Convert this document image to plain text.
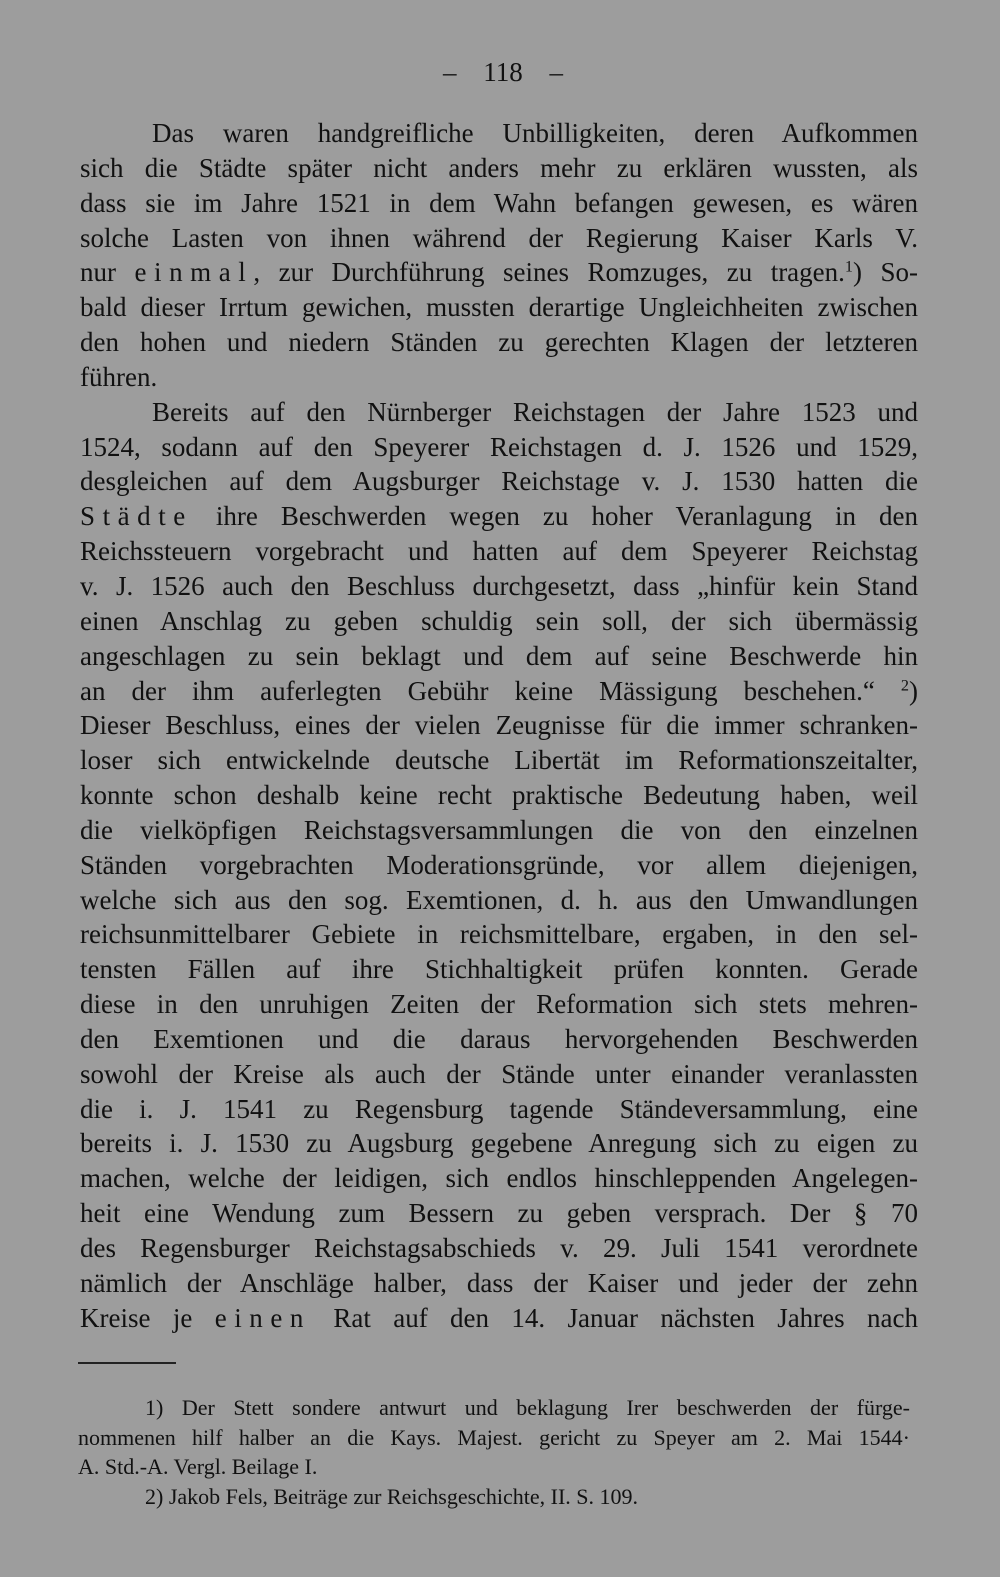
– 118 –
Das waren handgreifliche Unbilligkeiten, deren Aufkommen
sich die Städte später nicht anders mehr zu erklären wussten, als
dass sie im Jahre 1521 in dem Wahn befangen gewesen, es wären
solche Lasten von ihnen während der Regierung Kaiser Karls V.
nur einmal, zur Durchführung seines Romzuges, zu tragen.$^1$) So-
bald dieser Irrtum gewichen, mussten derartige Ungleichheiten zwischen
den hohen und niedern Ständen zu gerechten Klagen der letzteren
führen.
Bereits auf den Nürnberger Reichstagen der Jahre 1523 und
1524, sodann auf den Speyerer Reichstagen d. J. 1526 und 1529,
desgleichen auf dem Augsburger Reichstage v. J. 1530 hatten die
Städte ihre Beschwerden wegen zu hoher Veranlagung in den
Reichssteuern vorgebracht und hatten auf dem Speyerer Reichstag
v. J. 1526 auch den Beschluss durchgesetzt, dass „hinfür kein Stand
einen Anschlag zu geben schuldig sein soll, der sich übermässig
angeschlagen zu sein beklagt und dem auf seine Beschwerde hin
an der ihm auferlegten Gebühr keine Mässigung beschehen.“ $^2$)
Dieser Beschluss, eines der vielen Zeugnisse für die immer schranken-
loser sich entwickelnde deutsche Libertät im Reformationszeitalter,
konnte schon deshalb keine recht praktische Bedeutung haben, weil
die vielköpfigen Reichstagsversammlungen die von den einzelnen
Ständen vorgebrachten Moderationsgründe, vor allem diejenigen,
welche sich aus den sog. Exemtionen, d. h. aus den Umwandlungen
reichsunmittelbarer Gebiete in reichsmittelbare, ergaben, in den sel-
tensten Fällen auf ihre Stichhaltigkeit prüfen konnten. Gerade
diese in den unruhigen Zeiten der Reformation sich stets mehren-
den Exemtionen und die daraus hervorgehenden Beschwerden
sowohl der Kreise als auch der Stände unter einander veranlassten
die i. J. 1541 zu Regensburg tagende Ständeversammlung, eine
bereits i. J. 1530 zu Augsburg gegebene Anregung sich zu eigen zu
machen, welche der leidigen, sich endlos hinschleppenden Angelegen-
heit eine Wendung zum Bessern zu geben versprach. Der § 70
des Regensburger Reichstagsabschieds v. 29. Juli 1541 verordnete
nämlich der Anschläge halber, dass der Kaiser und jeder der zehn
Kreise je einen Rat auf den 14. Januar nächsten Jahres nach
1) Der Stett sondere antwurt und beklagung Irer beschwerden der fürge-
nommenen hilf halber an die Kays. Majest. gericht zu Speyer am 2. Mai 1544·
A. Std.-A. Vergl. Beilage I.
2) Jakob Fels, Beiträge zur Reichsgeschichte, II. S. 109.
